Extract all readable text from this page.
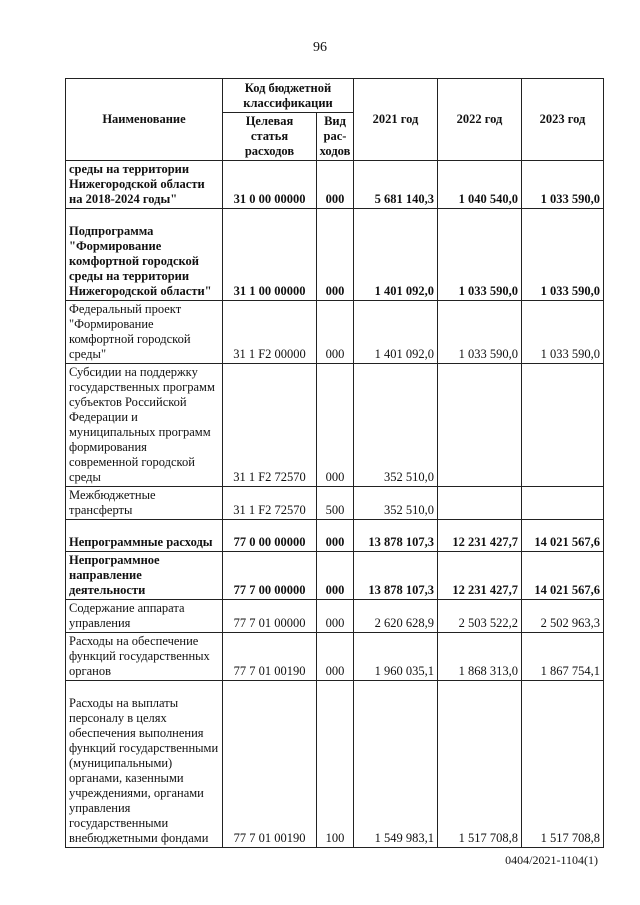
96
Наименование	Код бюджетной классификации		2021 год	2022 год	2023 год
	Целевая статья расходов	Вид рас-ходов			
среды на территории Нижегородской области на 2018-2024 годы"	31 0 00 00000	000	5 681 140,3	1 040 540,0	1 033 590,0
Подпрограмма "Формирование комфортной городской среды на территории Нижегородской области"	31 1 00 00000	000	1 401 092,0	1 033 590,0	1 033 590,0
Федеральный проект "Формирование комфортной городской среды"	31 1 F2 00000	000	1 401 092,0	1 033 590,0	1 033 590,0
Субсидии на поддержку государственных программ субъектов Российской Федерации и муниципальных программ формирования современной городской среды	31 1 F2 72570	000	352 510,0		
Межбюджетные трансферты	31 1 F2 72570	500	352 510,0		
Непрограммные расходы	77 0 00 00000	000	13 878 107,3	12 231 427,7	14 021 567,6
Непрограммное направление деятельности	77 7 00 00000	000	13 878 107,3	12 231 427,7	14 021 567,6
Содержание аппарата управления	77 7 01 00000	000	2 620 628,9	2 503 522,2	2 502 963,3
Расходы на обеспечение функций государственных органов	77 7 01 00190	000	1 960 035,1	1 868 313,0	1 867 754,1
Расходы на выплаты персоналу в целях обеспечения выполнения функций государственными (муниципальными) органами, казенными учреждениями, органами управления государственными внебюджетными фондами	77 7 01 00190	100	1 549 983,1	1 517 708,8	1 517 708,8
0404/2021-1104(1)
